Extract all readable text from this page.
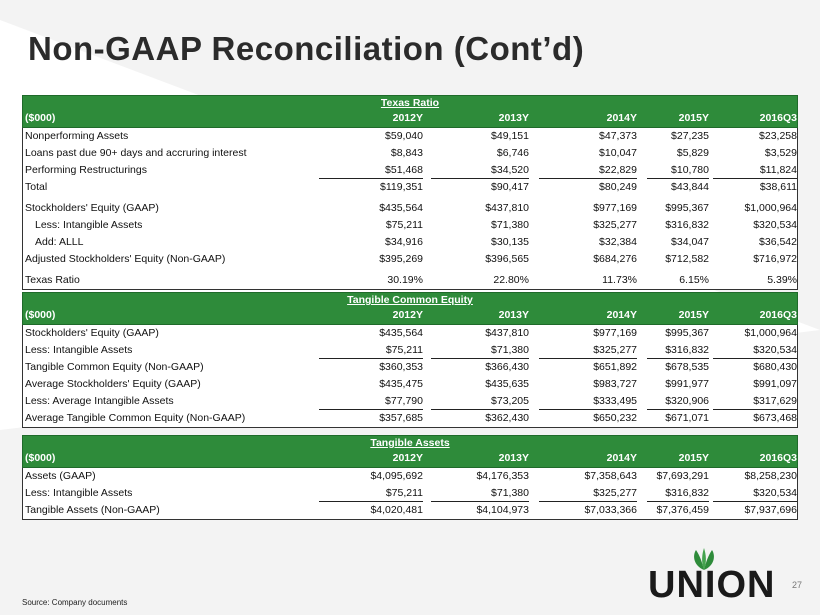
Non-GAAP Reconciliation (Cont’d)
Texas Ratio
($000)	2012Y	2013Y	2014Y	2015Y	2016Q3
Nonperforming Assets	$59,040	$49,151	$47,373	$27,235	$23,258
Loans past due 90+ days and accruring interest	$8,843	$6,746	$10,047	$5,829	$3,529
Performing Restructurings	$51,468	$34,520	$22,829	$10,780	$11,824
Total	$119,351	$90,417	$80,249	$43,844	$38,611
Stockholders' Equity (GAAP)	$435,564	$437,810	$977,169	$995,367	$1,000,964
Less: Intangible Assets	$75,211	$71,380	$325,277	$316,832	$320,534
Add: ALLL	$34,916	$30,135	$32,384	$34,047	$36,542
Adjusted Stockholders' Equity (Non-GAAP)	$395,269	$396,565	$684,276	$712,582	$716,972
Texas Ratio	30.19%	22.80%	11.73%	6.15%	5.39%
Tangible Common Equity
($000)	2012Y	2013Y	2014Y	2015Y	2016Q3
Stockholders' Equity (GAAP)	$435,564	$437,810	$977,169	$995,367	$1,000,964
Less: Intangible Assets	$75,211	$71,380	$325,277	$316,832	$320,534
Tangible Common Equity (Non-GAAP)	$360,353	$366,430	$651,892	$678,535	$680,430
Average Stockholders' Equity (GAAP)	$435,475	$435,635	$983,727	$991,977	$991,097
Less: Average Intangible Assets	$77,790	$73,205	$333,495	$320,906	$317,629
Average Tangible Common Equity (Non-GAAP)	$357,685	$362,430	$650,232	$671,071	$673,468
Tangible Assets
($000)	2012Y	2013Y	2014Y	2015Y	2016Q3
Assets (GAAP)	$4,095,692	$4,176,353	$7,358,643	$7,693,291	$8,258,230
Less: Intangible Assets	$75,211	$71,380	$325,277	$316,832	$320,534
Tangible Assets (Non-GAAP)	$4,020,481	$4,104,973	$7,033,366	$7,376,459	$7,937,696
Source: Company documents	UNION 27
